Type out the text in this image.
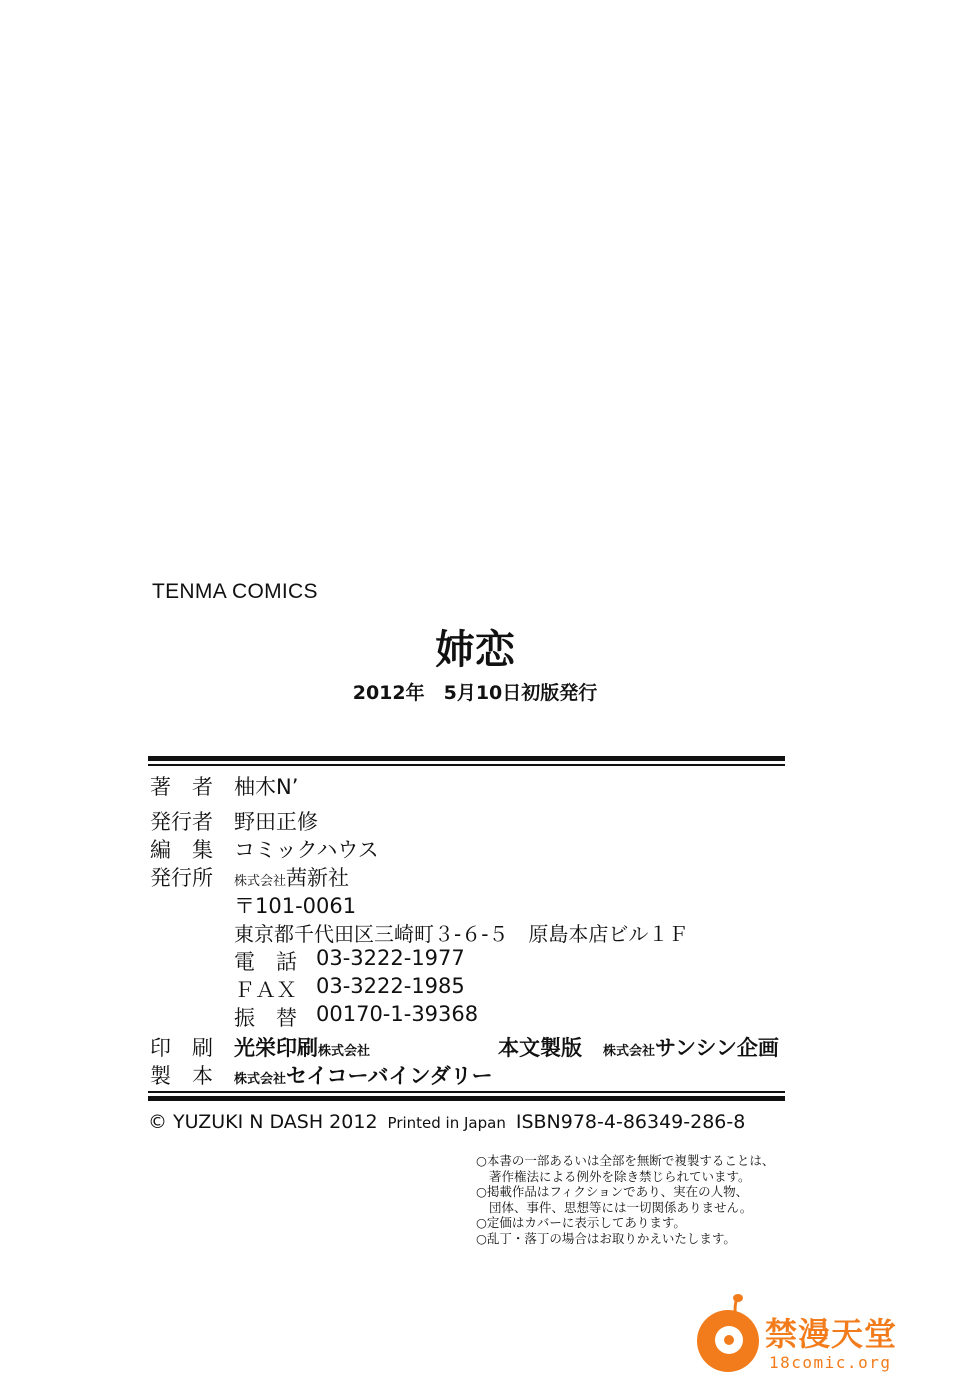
TENMA COMICS
姉恋
2012年　5月10日初版発行
著　者 柚木N’
発行者 野田正修
編　集 コミックハウス
発行所 株式会社茜新社
〒101-0061
東京都千代田区三崎町３-６-５　原島本店ビル１Ｆ
電　話 03-3222-1977
ＦＡＸ 03-3222-1985
振　替 00170-1-39368
印　刷 光栄印刷株式会社	本文製版 株式会社サンシン企画
製　本 株式会社セイコーバインダリー
© YUZUKI N DASH 2012 Printed in Japan ISBN978-4-86349-286-8
○本書の一部あるいは全部を無断で複製することは、
著作権法による例外を除き禁じられています。
○掲載作品はフィクションであり、実在の人物、
団体、事件、思想等には一切関係ありません。
○定価はカバーに表示してあります。
○乱丁・落丁の場合はお取りかえいたします。
禁漫天堂
18comic.org
